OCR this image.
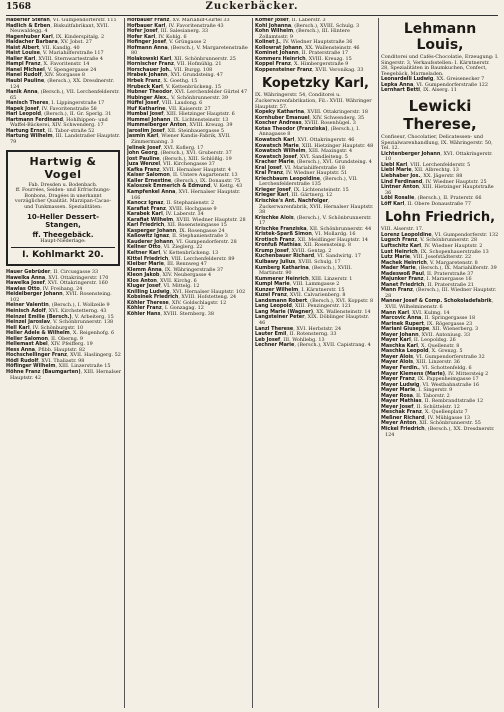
1568	Zuckerbäcker.

Haberler Stefan, VI. Gumpendorferstr. 111

Hadlich & Erben, Biskuitfabrikant, XVII. Neuwaldegg. 4

Hagenhuber Karl, IX. Kinderspitalg. 2

Haidacher Barbara, XV. Jobst. 27

Haist Albert, VII. Kandlg. 40

Haist Louise, V. Mariahilferstraße 117

Haller Karl, XVIII. Sternwartestraße 4

Hampl Franz, X. Favoritenstr. 14

Hanel Michael, V. Spengergasse 24

Hanel Rudolf, XIV. Storgasse 8

Haubl Pauline, (Bersch.), XX. Dresdnerstr. 124

Hanik Anna, (Bersch.), VII. Lerchenfelderstr. 65

Hanisch Theres, I. Lippingerstraße 17

Hapek Josef, IV. Favoritenstraße 58

Harl Leopold, (Bersch.), II. Gr. Sperlg. 31

Hartmann Ferdinand, Hohlhippen- und Waffel-Bäckerei, XIV. Schwenderg. 17

Hartung Ernst, II. Tabor-straße 52

Hartung Wilhelm, III. Landstraßer Hauptstr. 79

Hartwig & Vogel

Fab. Dresden u. Bodenbach.

ff. Fourrées, Seiden- und Erfrischungs-Bonbons, Dragées in unerkannt vorzüglicher Qualität. Marzipan-Cacao- und Tunkmassen. Spezialitäten:

10-Heller Dessert-Stangen,
ff. Theegebäck.

Haupt-Niederlage:

I. Kohlmarkt 20.

Hauer Gebrüder, II. Circusgasse 33

Hawelka Anna, XVI. Ottakringerstr. 170

Hawelka Josef, XVI. Ottakringerstr. 160

Hawlas Otto, IV. Freihang. 24

Heidelberger Johann, XVII. Rosensteing. 102

Heiner Valentin, (Bersch.), I. Wollzeile 9

Heinisch Adolf, XVI. Kirchstetterng. 43

Heinzel Emilie (Bersch.), V. Arbeiterg. 15

Heinzel Jaroslav, V. Schönbrunnerstr. 138

Hell Karl, IV. Schönburgstr. 10

Heller Adele & Wilhelm, X. Reigenhofg. 6

Heller Salomon, II. Oberng. 9

Hellemast Abel, XIV. Pfeifferg. 19

Hess Anna, Pfibb. Hauptstr. 82

Hochschellinger Franz, XVII. Haslingerg. 52

Hödl Rudolf, XVI. Thaliastr. 98

Höflinger Wilhelm, XIII. Linzerstraße 15

Höhne Franz (Baumgarten), XIII. Hernalser Hauptstr. 42

Hofbauer Franz, XV. Mariahilf-Gürtel 33

Hofbauer Karl, IV. Favoritenstraße 43

Hofer Josef, III. Salesianerg. 33

Hofer Karl, IV. Kohlg. 6

Hofinger Josef, V. Grüngasse 2

Hofmann Anna, (Bersch.), V. Margaretenstraße 80

Holakowski Karl, XII. Schönbrunnerstr. 25

Hornischer Franz, VII. Hofmühlg. 21

Horschauer Joh., VII. Burgg. 108

Hrabek Johann, XVI. Grundsteing. 47

Hrbek Franz, X. Goethg. 15

Hrubeck Karl, V. Kettenbrückeng. 15

Hubner Theodor, XVI. Lerchenfelder Gürtel 47

Hubinger Alex., V. Schönbrunnerstr. 39

Hüffel Josef, VIII. Laudong. 6

Huf Katharine, VII. Kaiserstr. 27

Humbal Josef, XIII. Hietzinger Hauptstr. 6

Hummel Johann, IX. Lichtensteinstr. 13

Hummelberger Anton, XVIII. Kreuzg. 39

Jaroslim Josef, XII. Steinbauergasse 5

Jasmin Karl, Wiener Kandis-Fabrik, XVII. Zimmermanng. 3

Jelinek Josef, XVI. Koflerg. 17

John Georg, (Bersch.), XVI. Gruberstr. 37

Jost Pauline, (Bersch.), XIII. Schlößlg. 19

Juza Wenzel, VII. Kirchengasse 37

Kafka Franz, XVII. Hernalser Hauptstr. 4

Kaiser Salomon, II. Untere Augartenstr. 13

Kaller Ernestine, (Bersch.), IX. Donaustr. 75

Kaloszek Emmerich & Edmund, V. Kettg. 43

Kampfenkel Anna, XVI. Hernalser Hauptstr. 166

Kanocz Ignaz, II. Stephanienstr. 2

Karafiat Franz, XVIII. Hochgasse 9

Karabek Karl, IV. Laberstr. 34

Karafiat Wilhelm, XVIII. Wiedner Hauptstr. 28

Karl Friedrich, XII. Rosensteingasse 15

Kasperger Johann, IX. Rosengasse 24

Kaßowitz Ignaz, II. Stephanienstraße 3

Kauderer Johann, VI. Gumpendorferstr. 28

Kellner Otto, VI. Zieglerg. 22

Keltner Karl, V. Kettenbrückeng. 13

Kittel Friedrich, VIII. Lerchenfelderstr. 89

Kleiber Marie, III. Rennweg 47

Klemm Anna, IX. Währingerstraße 37

Kleon Jakob, XIV. Neubergasse 4

Klos Anton, XVII. Kirchg. 6

Kluger Josef, VI. Mittelg. 12

Knilling Ludwig, XVI. Hernalser Hauptstr. 102

Kobsinek Friedrich, XVIII. Hofstetteng. 24

Köhler Therese, XIV. Goldschlagstr. 12

Köhler Franz, I. Gonzagag. 12

Köhler Hans, XVIII. Sternberg. 38

Köffler Josef, II. Laberstr. 3

Kohl Johanna, (Bersch.), XVIII. Schulg. 3

Kohn Wilhelm, (Bersch.), III. Hintere Zollamtsstr. 9

Kolinet J., IV. Wiedner Hauptstraße 36

Kollowrat Johann, XX. Wallensteinstr. 46

Kominet Johann, II. Praterstraße 17

Kommers Heinrich, XVIII. Kreuzg. 15

Koppel Franz, X. Himbergerstraße 9

Koppensteiner Franz, XVII. Veronikag. 33

Kopetzky Karl,

IX. Währingerstr. 54, Conditorei u. Zuckerwarenfabrikation, Fil.: XVIII. Währinger Hauptstr. 57.

Kopeky Katharina, XVIII. Ottakringerstr. 18

Kornhuber Emanuel, XIV. Schwenderg. 35

Koscher Andreas, XVIII. Rosenhügel. 3

Kotas Theodor (Franziska), (Bersch.), I. Annagasse 8

Kowatsch Karl, XVI. Ottakringerstr. 46

Kowatsch Marie, XIII. Hietzinger Hauptstr. 48

Kowatsch Wilhelm, XIII. Maxingstr. 4

Kowatsch Josef, XVI. Sandleiteng. 5

Kracher Marie, (Bersch.), XVI. Grundsteing. 4

Kral Josef, VI. Mariahilferstraße 18

Kral Franz, IV. Wiedner Hauptstr. 51

Kriechbaum Leopoldine, (Bersch.), VII. Lerchenfelderstraße 135

Krieger Josef, IX. Lichtensteinstr. 15

Krieger Karl, III. Gärtnerg. 12

Krischke's Ant. Nachfolger, Zuckerwarenfabrik, XVII. Hernalser Hauptstr. 38

Krischke Alois, (Bersch.), V. Schönbrunnerstr. 17

Krischke Franziska, XII. Schönbrunnerstr. 44

Kristek-Sparß Simon, VI. Mollardg. 16

Krotisch Franz, XII. Meidlinger Hauptstr. 14

Kronfuß Mathias, XII. Rosensteing. 8

Krump Josef, XVIII. Gentzg. 2

Kuchenbauer Richard, VI. Sandwirtg. 17

Kulbawy Julius, XVIII. Schulg. 17

Kumberg Katharina, (Bersch.), XVIII. Martinstr. 90

Kummerer Heinrich, XIII. Linzerstr. 1

Kumpl Marie, VIII. Lammgasse 2

Kunzer Wilhelm, I. Kärntnerstr. 15

Kuzel Franz, XVII. Calvarienberg. 8

Landsmann Robert, (Bersch.), XVI. Koppstr. 8

Lang Leopold, XIII. Penzingerstr. 121

Lang Marie (Wagner), XX. Wallensteinstr. 14

Langsteiner Peter, XIX. Döblinger Hauptstr. 46

Lanzl Therese, XVI. Herbststr. 24

Lauter Emil, II. Rotensterng. 33

Leb Josef, III. Wohllebg. 13

Lechner Marie, (Bersch.), XVII. Capistrang. 4

Lehmann Louis,

Conditorei und Cafés-Chocolatie, Erzeugung: I. Singerstr. 3, Verkaufsstellen: I. Kärntnerstr. 28, Spezialitäten in Baumkuchen, Confect, Teegebäck, Marmeladen.

Leonardelli Ludwig, XX. Greisenecker 7

Lepka Anna, VI. Gumpendorferstraße 122

Lernhart Betti, IX. Alserg. 11

Lewicki Therese,

Confiseur, Chocolatier, Delicatessen- und Spezialwarenhandlung, IX. Währingerstr. 50, Tel. 12.

Lichtenberger Johann, XVI. Ottakringerstr. 10

Liebl Karl, VIII. Lerchenfelderstr. 5

Liebl Marie, XII. Albrechtg. 13

Liebhaber Jos., XX. Jägerstr. 88

Lind Ferdinand, IV. Wiedner Hauptstr. 25

Lintner Anton, XIII. Hietzinger Hauptstraße 36

Löbl Rosalie, (Bersch.), II. Praterstr. 66

Löff Karl, II. Obere Donaustraße 77

Lohn Friedrich,

VIII. Alserstr. 17.

Lorenz Leopoldine, VI. Gumpendorferstr. 132

Lugsch Franz, V. Schönbrunnerstr. 28

Luftschitz Karl, IV. Wiedner Hauptstr. 2

Lust Heinrich, IX. Schopenhauerstraße 13

Lutz Marie, VIII. Josefstädterstr. 22

Machek Heinrich, V. Margaretenstr. 8

Mader Marie, (Bersch.), IX. Mariahilferstr. 39

Madeswoß Paul, II. Praterstraße 37

Majunker Franz, I. Marxergasse 16

Manet Friedrich, II. Praterstraße 21

Mann Franz, (Bersch.), III. Wiedner Hauptstr. 28

Manner Josef & Comp. Schokoladefabrik, XVII. Wilhelminenstr. 6

Mann Karl, XVI. Kulmg. 14

Marcovic Anna, II. Springergasse 18

Marinek Rupert, IX. Rögergasse 23

Mariani Giuseppe, XII. Wienerberg. 3

Mayer Johann, XVII. Antoniusg. 33

Mayer Karl, II. Leopoldsg. 26

Maschka Karl, X. Quellenstr. 8

Maschka Leopold, X. Grenzg. 5

Mayer Alois, VI. Gumpendorferstraße 32

Mayer Alois, XIII. Linzerstr. 36

Mayer Ferdin., VI. Schottenfeldg. 6

Mayer Klemens (Marie), IV. Mittersteig 2

Mayer Franz, IX. Pappenheimgasse 17

Mayer Ludwig, VI. Westbahnstraße 16

Mayer Marie, I. Singerstr. 9

Mayer Rosa, II. Taborstr. 2

Mayer Mathias, II. Rembrandtstraße 12

Meyer Josef, II. Schüttelstr. 12

Meschak Franz, X. Quellenplatz 7

Meßner Richard, IV. Mühlgasse 13

Meyer Anton, XII. Schönbrunnerstr. 55

Mickel Friedrich, (Bersch.), XX. Dresdnerstr. 124
